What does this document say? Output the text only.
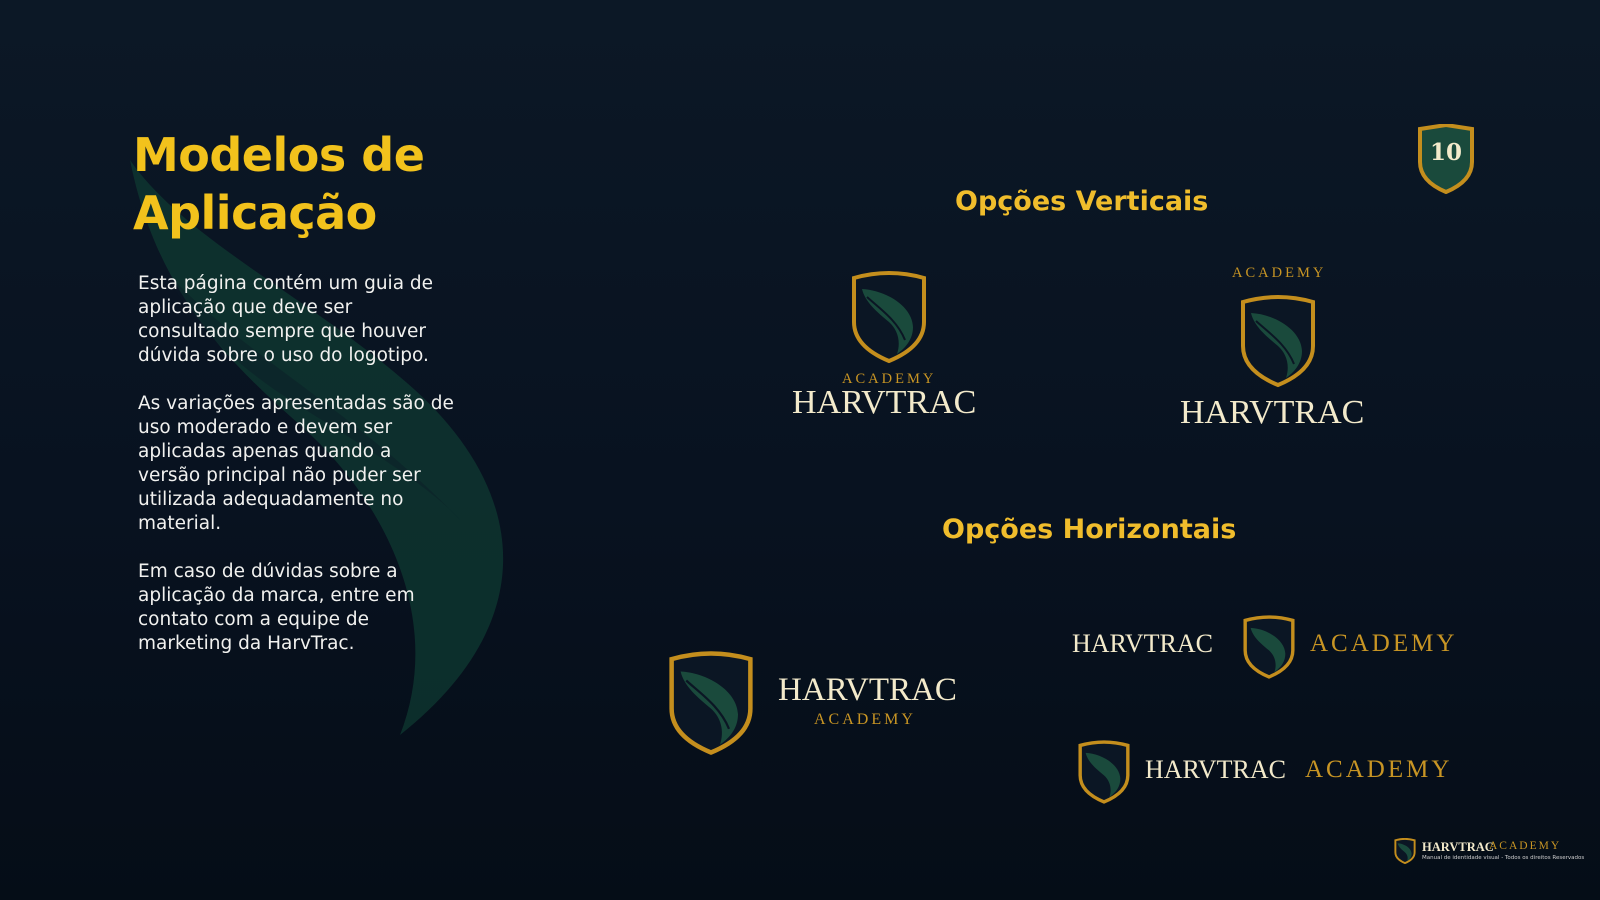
Modelos de
Aplicação

Esta página contém um guia de aplicação que deve ser consultado sempre que houver dúvida sobre o uso do logotipo.

As variações apresentadas são de uso moderado e devem ser aplicadas apenas quando a versão principal não puder ser utilizada adequadamente no material.

Em caso de dúvidas sobre a aplicação da marca, entre em contato com a equipe de marketing da HarvTrac.

10
Opções Verticais
Opções Horizontais
ACADEMY
HARVTRAC
ACADEMY
HARVTRAC
HARVTRAC
ACADEMY
HARVTRAC	ACADEMY
HARVTRAC ACADEMY
HARVTRAC
ACADEMY
Manual de identidade visual - Todos os direitos Reservados
